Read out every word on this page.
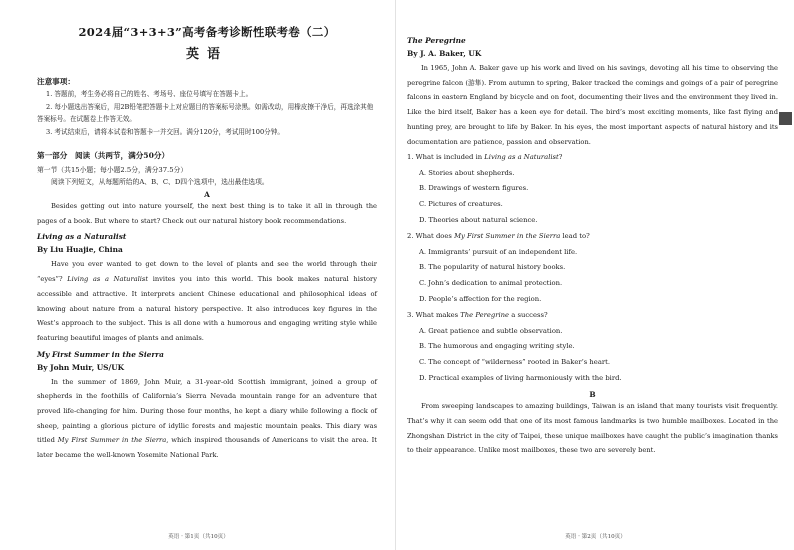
2024届“3+3+3”高考备考诊断性联考卷（二）
英语
注意事项：
1. 答题前，考生务必将自己的姓名、考场号、座位号填写在答题卡上。
2. 每小题选出答案后，用2B铅笔把答题卡上对应题目的答案标号涂黑。如需改动，用橡皮擦干净后，再选涂其他答案标号。在试题卷上作答无效。
3. 考试结束后，请将本试卷和答题卡一并交回。满分120分，考试用时100分钟。
第一部分　阅读（共两节，满分50分）
第一节（共15小题；每小题2.5分，满分37.5分）
阅读下列短文，从每题所给的A、B、C、D四个选项中，选出最佳选项。
A
Besides getting out into nature yourself, the next best thing is to take it all in through the pages of a book. But where to start? Check out our natural history book recommendations.
Living as a Naturalist
By Liu Huajie, China
Have you ever wanted to get down to the level of plants and see the world through their “eyes”? Living as a Naturalist invites you into this world. This book makes natural history accessible and attractive. It interprets ancient Chinese educational and philosophical ideas of knowing about nature from a natural history perspective. It also introduces key figures in the West’s approach to the subject. This is all done with a humorous and engaging writing style while featuring beautiful images of plants and animals.
My First Summer in the Sierra
By John Muir, US/UK
In the summer of 1869, John Muir, a 31-year-old Scottish immigrant, joined a group of shepherds in the foothills of California’s Sierra Nevada mountain range for an adventure that proved life-changing for him. During those four months, he kept a diary while following a flock of sheep, painting a glorious picture of idyllic forests and majestic mountain peaks. This diary was titled My First Summer in the Sierra, which inspired thousands of Americans to visit the area. It later became the well-known Yosemite National Park.
英语 · 第1页（共10页）
The Peregrine
By J. A. Baker, UK
In 1965, John A. Baker gave up his work and lived on his savings, devoting all his time to observing the peregrine falcon (游隼). From autumn to spring, Baker tracked the comings and goings of a pair of peregrine falcons in eastern England by bicycle and on foot, documenting their lives and the environment they lived in. Like the bird itself, Baker has a keen eye for detail. The bird’s most exciting moments, like fast flying and hunting prey, are brought to life by Baker. In his eyes, the most important aspects of natural history and its documentation are patience, passion and observation.
1. What is included in Living as a Naturalist?
A. Stories about shepherds.
B. Drawings of western figures.
C. Pictures of creatures.
D. Theories about natural science.
2. What does My First Summer in the Sierra lead to?
A. Immigrants’ pursuit of an independent life.
B. The popularity of natural history books.
C. John’s dedication to animal protection.
D. People’s affection for the region.
3. What makes The Peregrine a success?
A. Great patience and subtle observation.
B. The humorous and engaging writing style.
C. The concept of “wilderness” rooted in Baker’s heart.
D. Practical examples of living harmoniously with the bird.
B
From sweeping landscapes to amazing buildings, Taiwan is an island that many tourists visit frequently. That’s why it can seem odd that one of its most famous landmarks is two humble mailboxes. Located in the Zhongshan District in the city of Taipei, these unique mailboxes have caught the public’s imagination thanks to their appearance. Unlike most mailboxes, these two are severely bent.
英语 · 第2页（共10页）
